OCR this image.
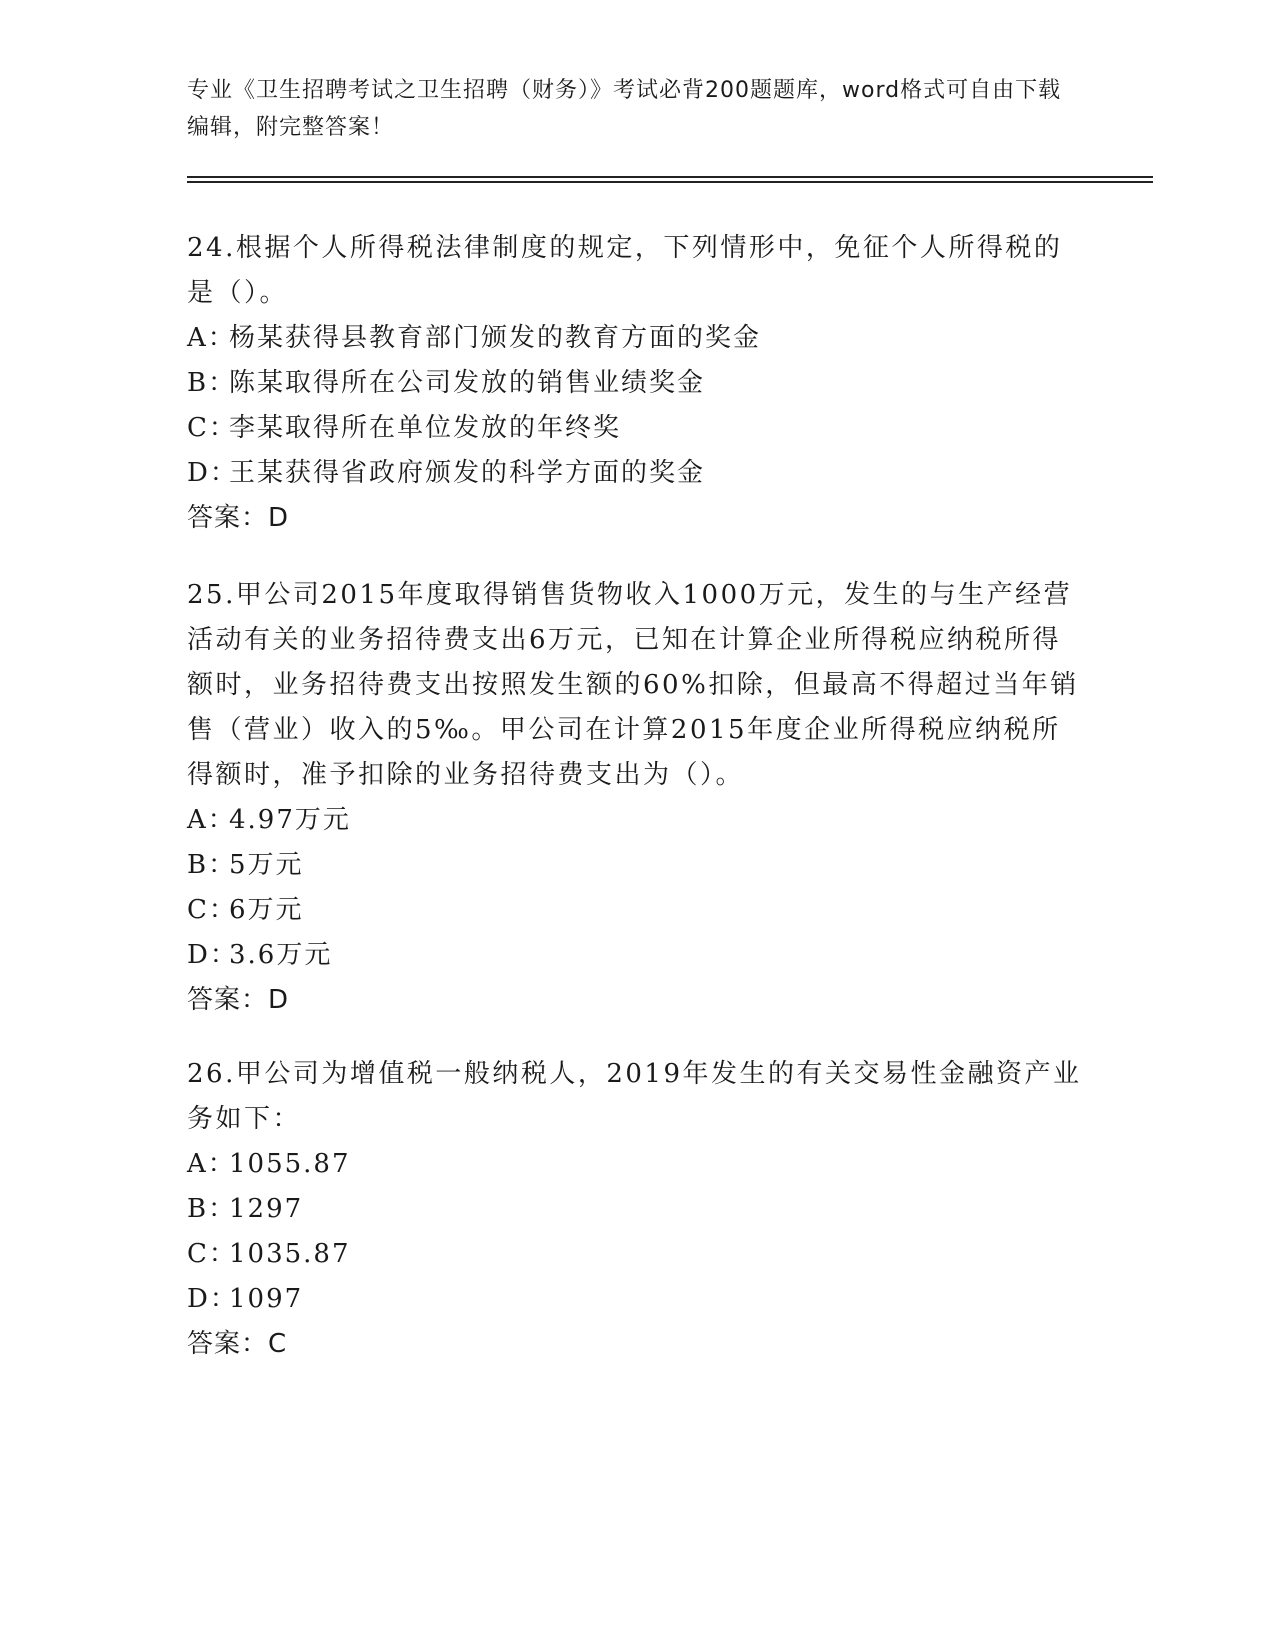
专业《卫生招聘考试之卫生招聘（财务）》考试必背200题题库，word格式可自由下载编辑，附完整答案！

24.根据个人所得税法律制度的规定，下列情形中，免征个人所得税的是（）。

A：杨某获得县教育部门颁发的教育方面的奖金

B：陈某取得所在公司发放的销售业绩奖金

C：李某取得所在单位发放的年终奖

D：王某获得省政府颁发的科学方面的奖金

答案：D

25.甲公司2015年度取得销售货物收入1000万元，发生的与生产经营活动有关的业务招待费支出6万元，已知在计算企业所得税应纳税所得额时，业务招待费支出按照发生额的60%扣除，但最高不得超过当年销售（营业）收入的5‰。甲公司在计算2015年度企业所得税应纳税所得额时，准予扣除的业务招待费支出为（）。

A：4.97万元

B：5万元

C：6万元

D：3.6万元

答案：D

26.甲公司为增值税一般纳税人，2019年发生的有关交易性金融资产业务如下：

A：1055.87

B：1297

C：1035.87

D：1097

答案：C
